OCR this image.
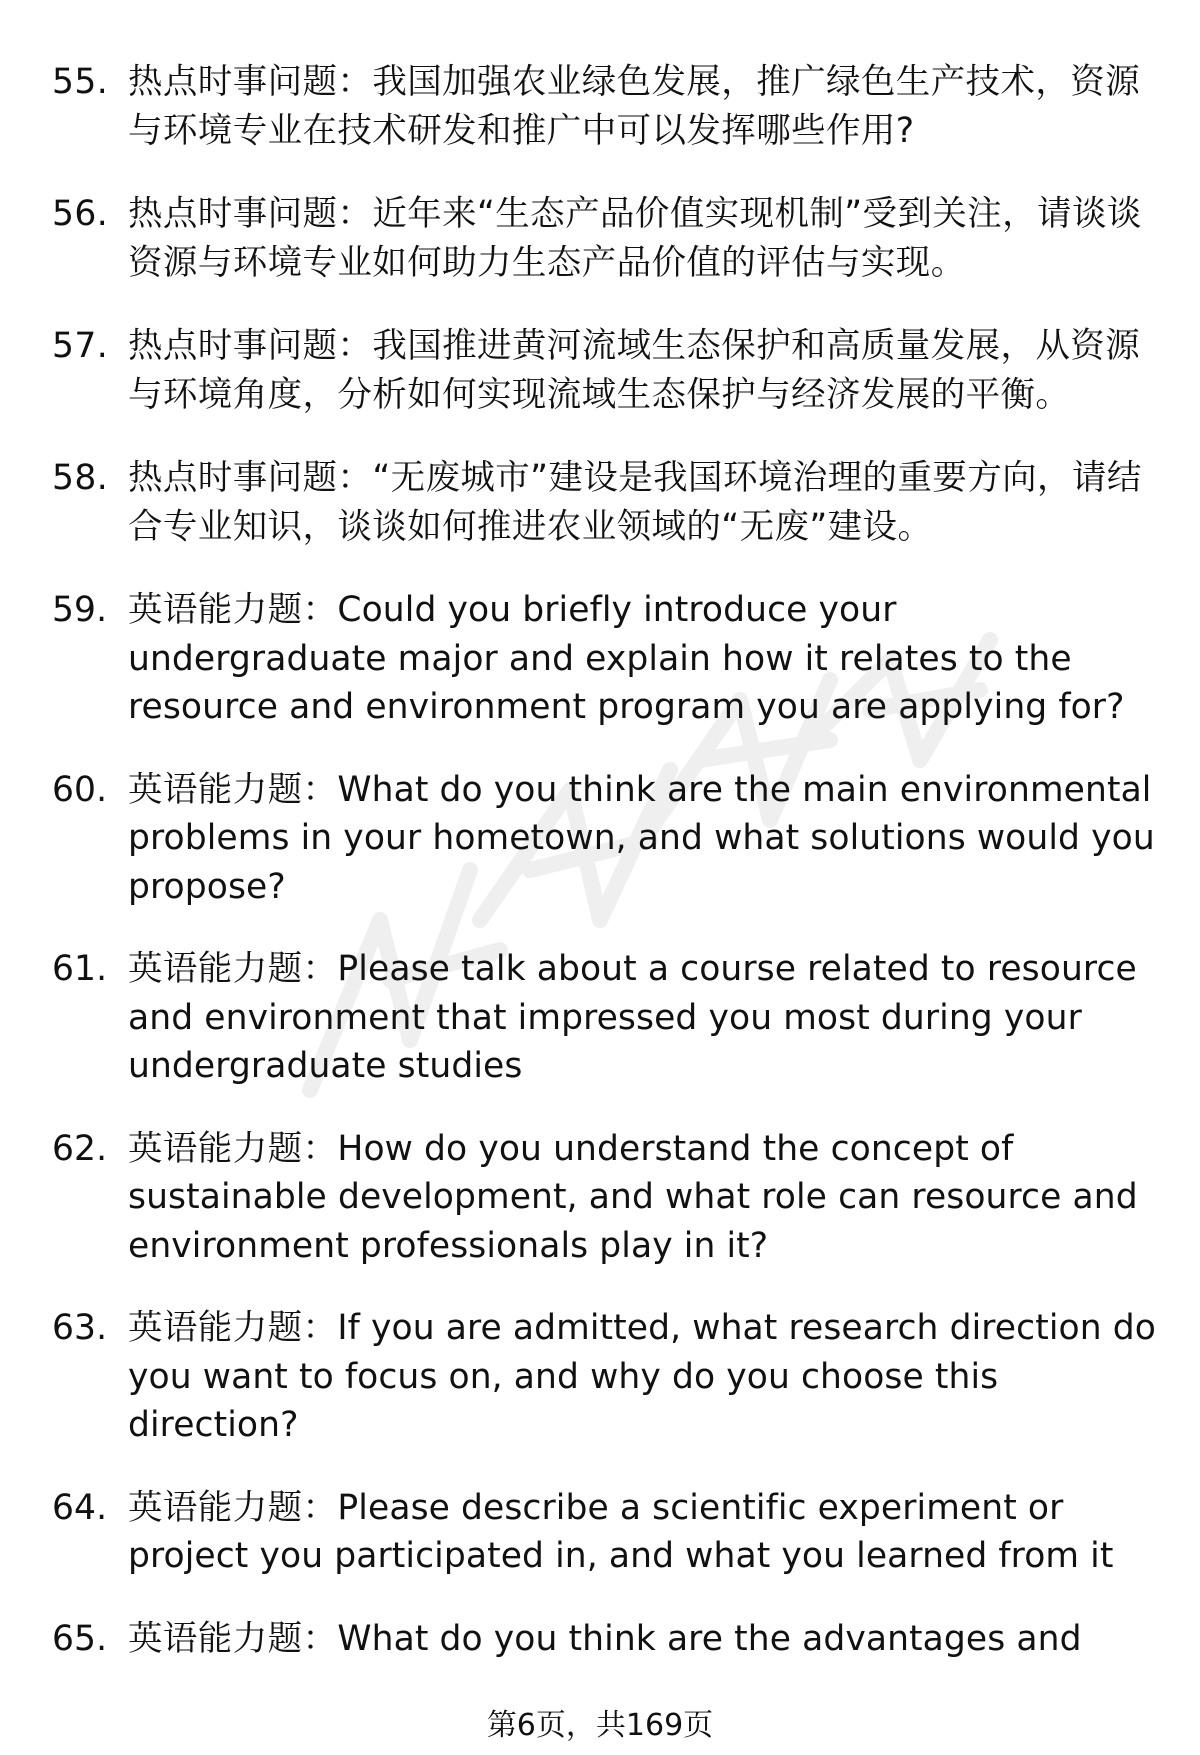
55. 热点时事问题：我国加强农业绿色发展，推广绿色生产技术，资源与环境专业在技术研发和推广中可以发挥哪些作用?
56. 热点时事问题：近年来“生态产品价值实现机制”受到关注，请谈谈资源与环境专业如何助力生态产品价值的评估与实现。
57. 热点时事问题：我国推进黄河流域生态保护和高质量发展，从资源与环境角度，分析如何实现流域生态保护与经济发展的平衡。
58. 热点时事问题：“无废城市”建设是我国环境治理的重要方向，请结合专业知识，谈谈如何推进农业领域的“无废”建设。
59. 英语能力题：Could you briefly introduce your undergraduate major and explain how it relates to the resource and environment program you are applying for?
60. 英语能力题：What do you think are the main environmental problems in your hometown, and what solutions would you propose?
61. 英语能力题：Please talk about a course related to resource and environment that impressed you most during your undergraduate studies
62. 英语能力题：How do you understand the concept of sustainable development, and what role can resource and environment professionals play in it?
63. 英语能力题：If you are admitted, what research direction do you want to focus on, and why do you choose this direction?
64. 英语能力题：Please describe a scientific experiment or project you participated in, and what you learned from it
65. 英语能力题：What do you think are the advantages and
第6页，共169页
